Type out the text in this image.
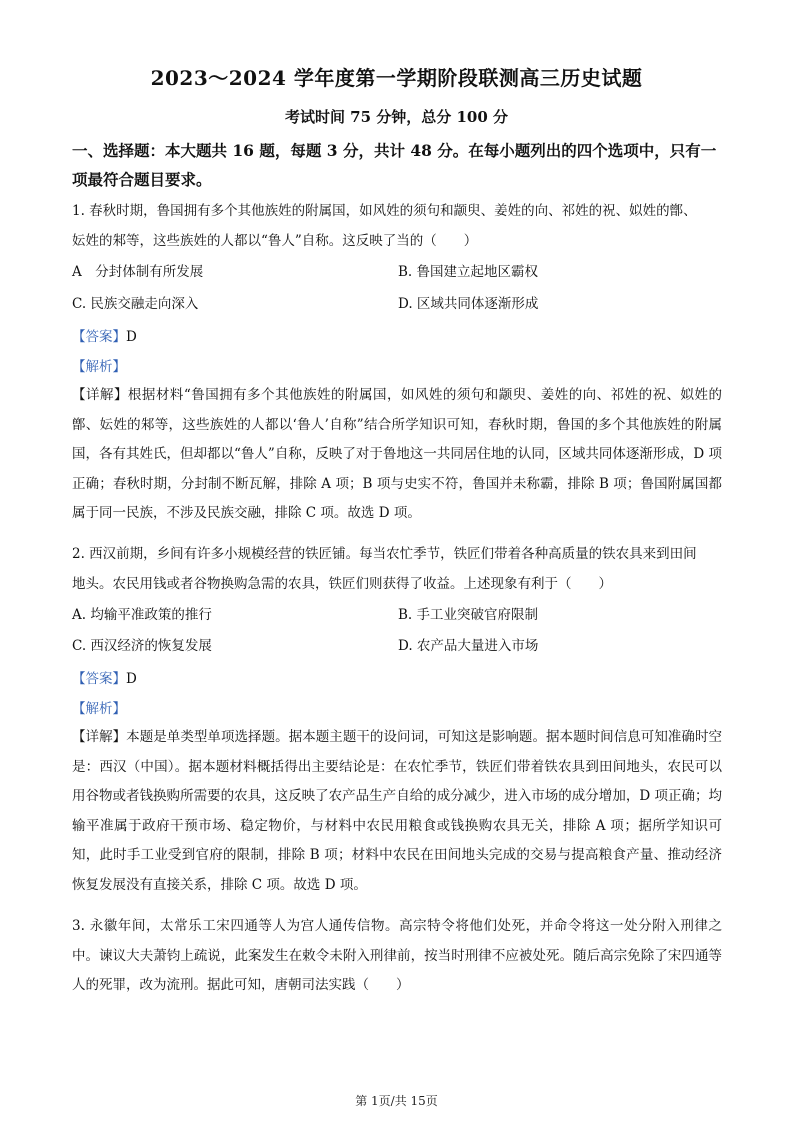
2023～2024 学年度第一学期阶段联测高三历史试题
考试时间 75 分钟，总分 100 分
一、选择题：本大题共 16 题，每题 3 分，共计 48 分。在每小题列出的四个选项中，只有一项最符合题目要求。
1. 春秋时期，鲁国拥有多个其他族姓的附属国，如风姓的须句和颛臾、姜姓的向、祁姓的祝、姒姓的鄫、
妘姓的邾等，这些族姓的人都以“鲁人”自称。这反映了当的（　　）
A　分封体制有所发展	B. 鲁国建立起地区霸权
C. 民族交融走向深入	D. 区域共同体逐渐形成
【答案】D
【解析】
【详解】根据材料“鲁国拥有多个其他族姓的附属国，如风姓的须句和颛臾、姜姓的向、祁姓的祝、姒姓的鄫、妘姓的邾等，这些族姓的人都以‘鲁人’自称”结合所学知识可知，春秋时期，鲁国的多个其他族姓的附属国，各有其姓氏，但却都以“鲁人”自称，反映了对于鲁地这一共同居住地的认同，区域共同体逐渐形成，D 项正确；春秋时期，分封制不断瓦解，排除 A 项；B 项与史实不符，鲁国并未称霸，排除 B 项；鲁国附属国都属于同一民族，不涉及民族交融，排除 C 项。故选 D 项。
2. 西汉前期，乡间有许多小规模经营的铁匠铺。每当农忙季节，铁匠们带着各种高质量的铁农具来到田间
地头。农民用钱或者谷物换购急需的农具，铁匠们则获得了收益。上述现象有利于（　　）
A. 均输平准政策的推行	B. 手工业突破官府限制
C. 西汉经济的恢复发展	D. 农产品大量进入市场
【答案】D
【解析】
【详解】本题是单类型单项选择题。据本题主题干的设问词，可知这是影响题。据本题时间信息可知准确时空是：西汉（中国）。据本题材料概括得出主要结论是：在农忙季节，铁匠们带着铁农具到田间地头，农民可以用谷物或者钱换购所需要的农具，这反映了农产品生产自给的成分减少，进入市场的成分增加，D 项正确；均输平准属于政府干预市场、稳定物价，与材料中农民用粮食或钱换购农具无关，排除 A 项；据所学知识可知，此时手工业受到官府的限制，排除 B 项；材料中农民在田间地头完成的交易与提高粮食产量、推动经济恢复发展没有直接关系，排除 C 项。故选 D 项。
3. 永徽年间，太常乐工宋四通等人为宫人通传信物。高宗特令将他们处死，并命令将这一处分附入刑律之中。谏议大夫萧钧上疏说，此案发生在敕令未附入刑律前，按当时刑律不应被处死。随后高宗免除了宋四通等人的死罪，改为流刑。据此可知，唐朝司法实践（　　）
第 1页/共 15页
